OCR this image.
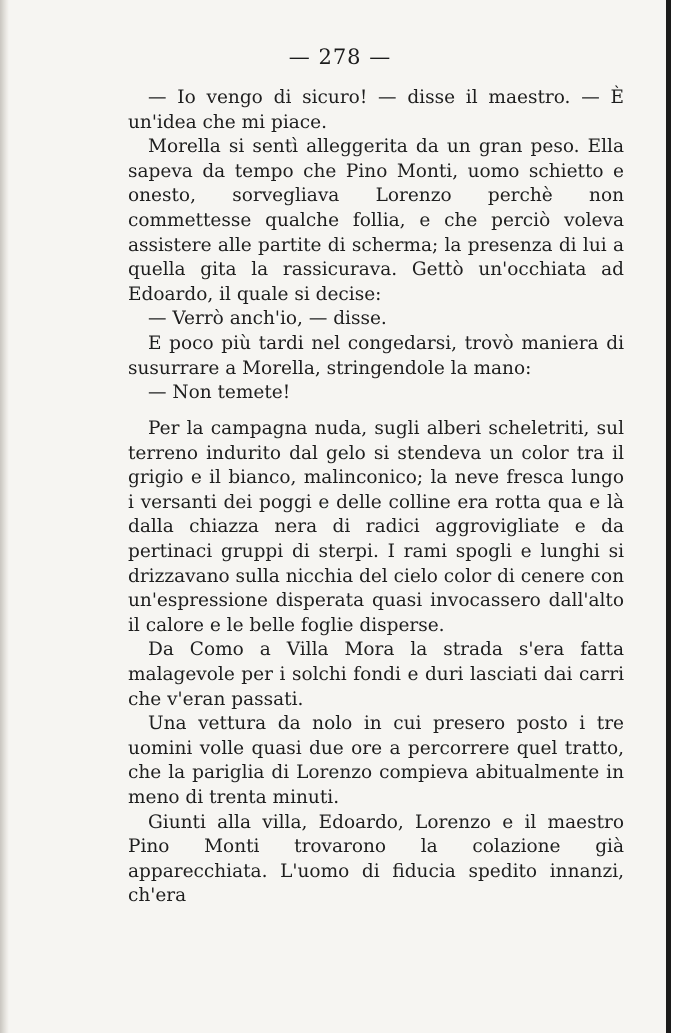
— 278 —

— Io vengo di sicuro! — disse il maestro. — È un'idea che mi piace.

Morella si sentì alleggerita da un gran peso. Ella sapeva da tempo che Pino Monti, uomo schietto e onesto, sorvegliava Lorenzo perchè non commettesse qualche follia, e che perciò voleva assistere alle partite di scherma; la presenza di lui a quella gita la rassicurava. Gettò un'occhiata ad Edoardo, il quale si decise:

— Verrò anch'io, — disse.

E poco più tardi nel congedarsi, trovò maniera di susurrare a Morella, stringendole la mano:

— Non temete!

Per la campagna nuda, sugli alberi scheletriti, sul terreno indurito dal gelo si stendeva un color tra il grigio e il bianco, malinconico; la neve fresca lungo i versanti dei poggi e delle colline era rotta qua e là dalla chiazza nera di radici aggrovigliate e da pertinaci gruppi di sterpi. I rami spogli e lunghi si drizzavano sulla nicchia del cielo color di cenere con un'espressione disperata quasi invocassero dall'alto il calore e le belle foglie disperse.

Da Como a Villa Mora la strada s'era fatta malagevole per i solchi fondi e duri lasciati dai carri che v'eran passati.

Una vettura da nolo in cui presero posto i tre uomini volle quasi due ore a percorrere quel tratto, che la pariglia di Lorenzo compieva abitualmente in meno di trenta minuti.

Giunti alla villa, Edoardo, Lorenzo e il maestro Pino Monti trovarono la colazione già apparecchiata. L'uomo di fiducia spedito innanzi, ch'era
